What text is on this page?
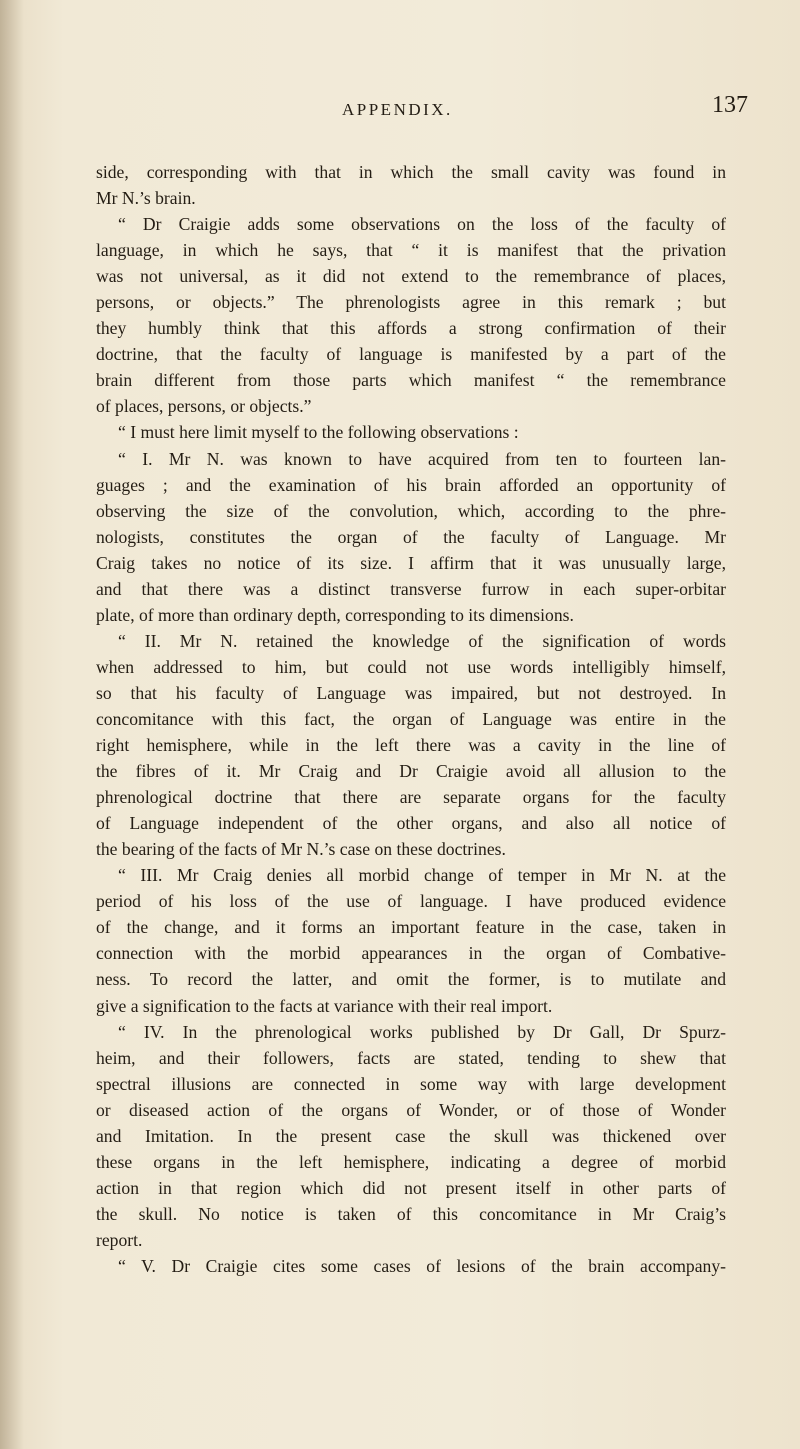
APPENDIX.	137
side, corresponding with that in which the small cavity was found in
Mr N.’s brain.
“ Dr Craigie adds some observations on the loss of the faculty of
language, in which he says, that “ it is manifest that the privation
was not universal, as it did not extend to the remembrance of places,
persons, or objects.” The phrenologists agree in this remark ; but
they humbly think that this affords a strong confirmation of their
doctrine, that the faculty of language is manifested by a part of the
brain different from those parts which manifest “ the remembrance
of places, persons, or objects.”
“ I must here limit myself to the following observations :
“ I. Mr N. was known to have acquired from ten to fourteen lan-
guages ; and the examination of his brain afforded an opportunity of
observing the size of the convolution, which, according to the phre-
nologists, constitutes the organ of the faculty of Language. Mr
Craig takes no notice of its size. I affirm that it was unusually large,
and that there was a distinct transverse furrow in each super-orbitar
plate, of more than ordinary depth, corresponding to its dimensions.
“ II. Mr N. retained the knowledge of the signification of words
when addressed to him, but could not use words intelligibly himself,
so that his faculty of Language was impaired, but not destroyed. In
concomitance with this fact, the organ of Language was entire in the
right hemisphere, while in the left there was a cavity in the line of
the fibres of it. Mr Craig and Dr Craigie avoid all allusion to the
phrenological doctrine that there are separate organs for the faculty
of Language independent of the other organs, and also all notice of
the bearing of the facts of Mr N.’s case on these doctrines.
“ III. Mr Craig denies all morbid change of temper in Mr N. at the
period of his loss of the use of language. I have produced evidence
of the change, and it forms an important feature in the case, taken in
connection with the morbid appearances in the organ of Combative-
ness. To record the latter, and omit the former, is to mutilate and
give a signification to the facts at variance with their real import.
“ IV. In the phrenological works published by Dr Gall, Dr Spurz-
heim, and their followers, facts are stated, tending to shew that
spectral illusions are connected in some way with large development
or diseased action of the organs of Wonder, or of those of Wonder
and Imitation. In the present case the skull was thickened over
these organs in the left hemisphere, indicating a degree of morbid
action in that region which did not present itself in other parts of
the skull. No notice is taken of this concomitance in Mr Craig’s
report.
“ V. Dr Craigie cites some cases of lesions of the brain accompany-
